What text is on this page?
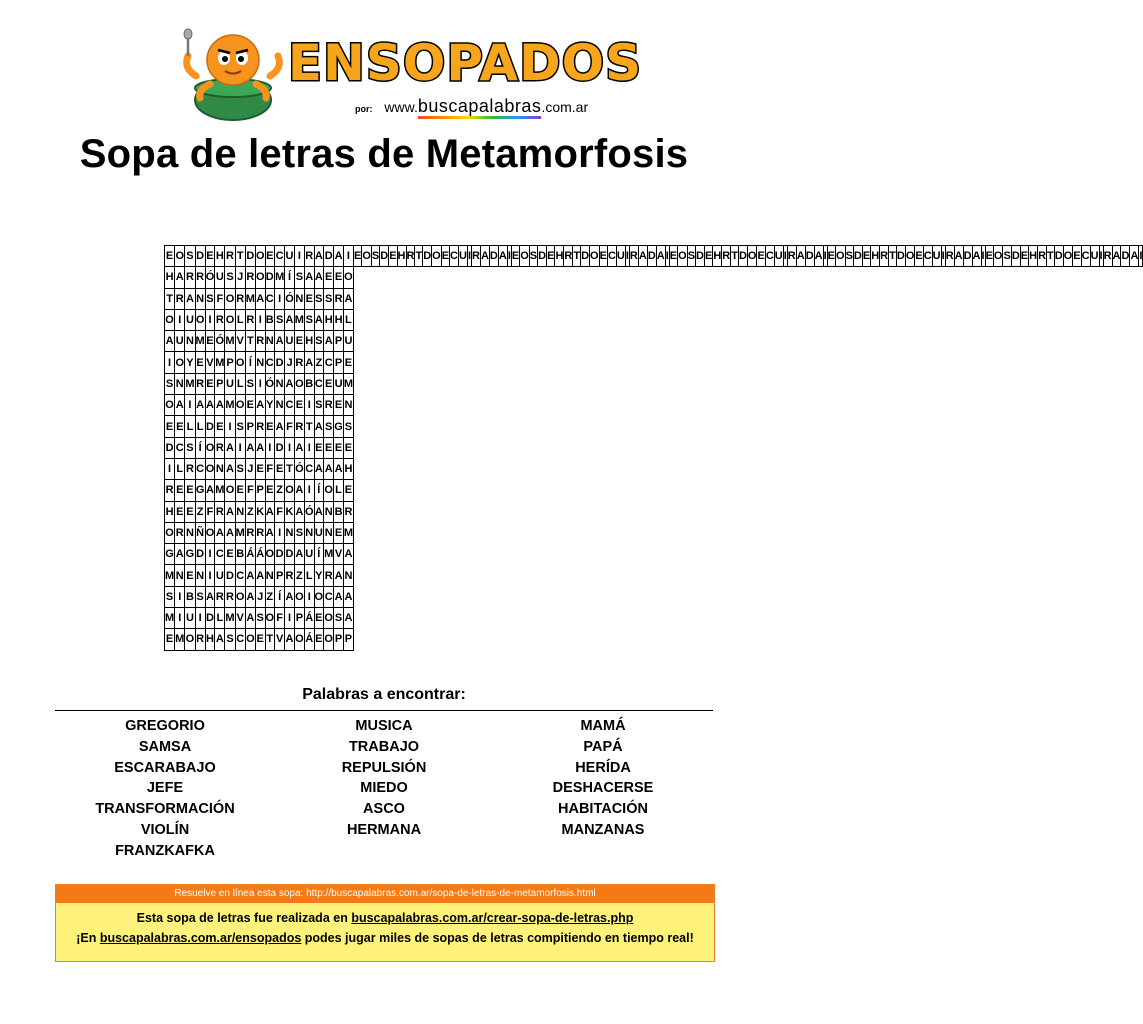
ENSOPADOS
por: www.buscapalabras.com.ar
Sopa de letras de Metamorfosis
E	O	S	D	E	H	R	T	D	O	E	C	U	I	R	A	D	A	I	E	O	S	D	E	H	R	T	D	O	E	C	U	I	R	A	D	A	I	E	O	S	D	E	H	R	T	D	O	E	C	U	I	R	A	D	A	I	E	O	S	D	E	H	R	T	D	O	E	C	U	I	R	A	D	A	I	E	O	S	D	E	H	R	T	D	O	E	C	U	I	R	A	D	A	I	E	O	S	D	E	H	R	T	D	O	E	C	U	I	R	A	D	A	I
H	A	R	R	Ó	U	S	J	R	O	D	M	Í	S	A	A	E	E	O
T	R	A	N	S	F	O	R	M	A	C	I	Ó	N	E	S	S	R	A
O	I	U	O	I	R	O	L	R	I	B	S	A	M	S	A	H	H	L
A	U	N	M	E	Ó	M	V	T	R	N	A	U	E	H	S	A	P	U
I	O	Y	E	V	M	P	O	Í	N	C	D	J	R	A	Z	C	P	E
S	N	M	R	E	P	U	L	S	I	Ó	N	A	O	B	C	E	U	M
O	A	I	A	A	A	M	O	E	A	Y	N	C	E	I	S	R	E	N
E	E	L	L	D	E	I	S	P	R	E	A	F	R	T	A	S	G	S
D	C	S	Í	O	R	A	I	A	A	I	D	I	A	I	E	E	E	E
I	L	R	C	O	N	A	S	J	E	F	E	T	Ó	C	A	A	A	H
R	E	E	G	A	M	O	E	F	P	E	Z	O	A	I	Í	O	L	E
H	E	E	Z	F	R	A	N	Z	K	A	F	K	A	Ó	A	N	B	R
O	R	N	Ñ	O	A	A	M	R	R	A	I	N	S	N	U	N	E	M
G	A	G	D	I	C	E	B	Á	Á	O	D	D	A	U	Í	M	V	A
M	N	E	N	I	U	D	C	A	A	N	P	R	Z	L	Y	R	A	N
S	I	B	S	A	R	R	O	A	J	Z	Í	A	O	I	O	C	A	A
M	I	U	I	D	L	M	V	A	S	O	F	I	P	Á	E	O	S	A
E	M	O	R	H	A	S	C	O	E	T	V	A	O	Á	E	O	P	P
Palabras a encontrar:
GREGORIO
SAMSA
ESCARABAJO
JEFE
TRANSFORMACIÓN
VIOLÍN
FRANZKAFKA
MUSICA
TRABAJO
REPULSIÓN
MIEDO
ASCO
HERMANA
MAMÁ
PAPÁ
HERÍDA
DESHACERSE
HABITACIÓN
MANZANAS
Resuelve en línea esta sopa: http://buscapalabras.com.ar/sopa-de-letras-de-metamorfosis.html
Esta sopa de letras fue realizada en buscapalabras.com.ar/crear-sopa-de-letras.php
¡En buscapalabras.com.ar/ensopados podes jugar miles de sopas de letras compitiendo en tiempo real!
